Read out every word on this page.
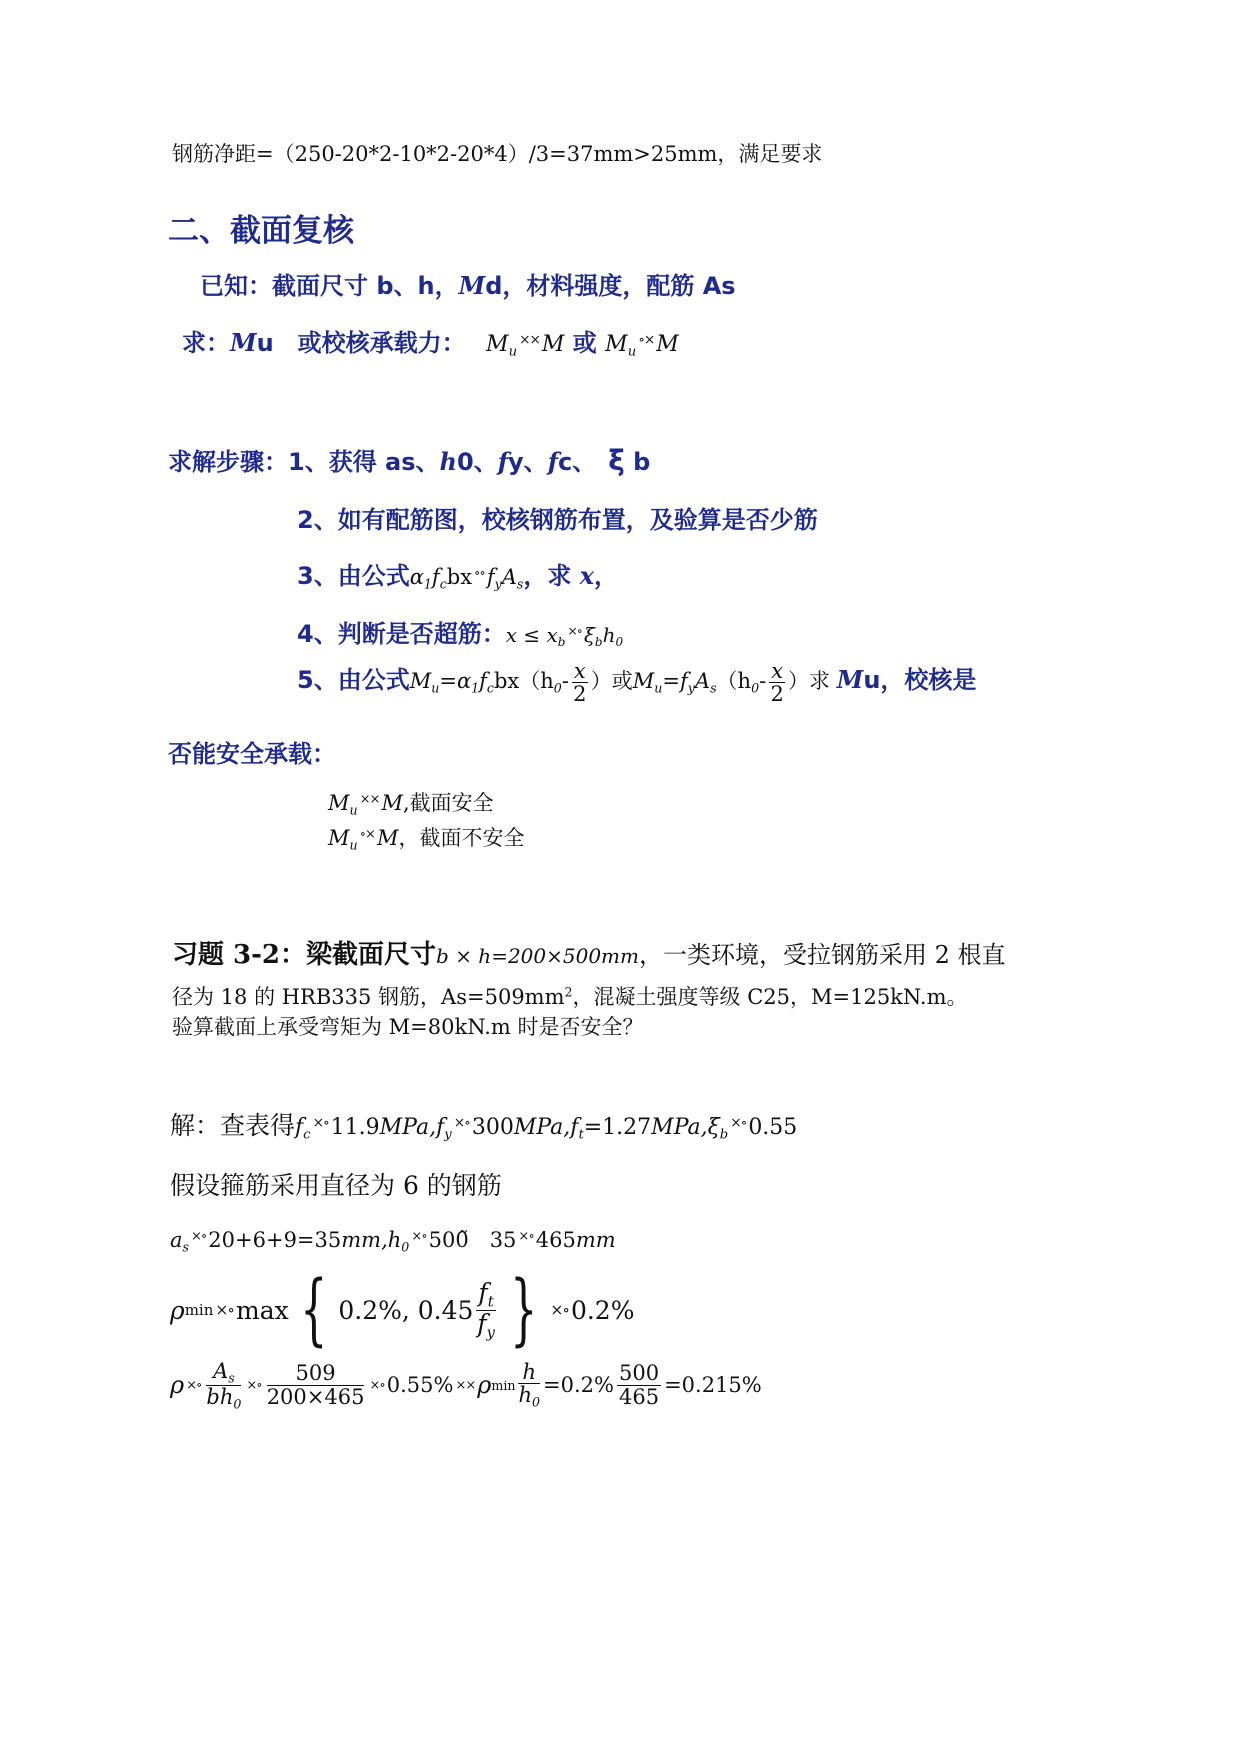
钢筋净距=（250-20*2-10*2-20*4）/3=37mm>25mm，满足要求
二、截面复核
已知：截面尺寸 b、h，Md，材料强度，配筋 As
求：Mu　或校核承载力： $M_u^{\times\times}M$ 或 $M_u^{\circ\times}M$
求解步骤：1、获得 as、h0、fy、fc、　ξ b
2、如有配筋图，校核钢筋布置，及验算是否少筋
3、由公式$\alpha_1f_cbx$ $^{\circ\circ}f_yA_s$，求 x，
4、判断是否超筋：$x \le x_b^{\times\circ}$ $\xi_bh_0$
5、由公式$M_u=\alpha_1f_cbx(h_0- \frac{x}{2}$ ）或$M_u=f_yA_s(h_0- \frac{x}{2}$ ）求 Mu，校核是
否能安全承载：
$M_u^{\times\times}M$,截面安全
$M_u^{\circ\times}M$，截面不安全
习题 3-2：梁截面尺寸b × h=200×500mm，一类环境，受拉钢筋采用 2 根直
径为 18 的 HRB335 钢筋，$As=509mm^2$，混凝土强度等级 C25，M=125kN.m。
验算截面上承受弯矩为 M=80kN.m 时是否安全？
解：查表得$f_c^{\times\circ}11.9MPa,f_y^{\times\circ}300MPa,f_t=1.27MPa,\xi_b^{\times\circ}0.55$
假设箍筋采用直径为 6 的钢筋
$a_s^{\times\circ}20+6+9=35mm,h_0^{\times\circ}500̃$　35 ×∘465mm
ρ min ×∘ max { 0.2%, $0.45 \frac{f_t}{f_y}$ } ×∘ 0.2%
ρ ×∘ $\frac{A_s}{bh_0}$ ×∘ $\frac{509}{200\times 465}$ ×∘ 0.55% ×× ρ $\min \frac{h}{h_0} =0.2\% \frac{500}{465} =0.215\%$
